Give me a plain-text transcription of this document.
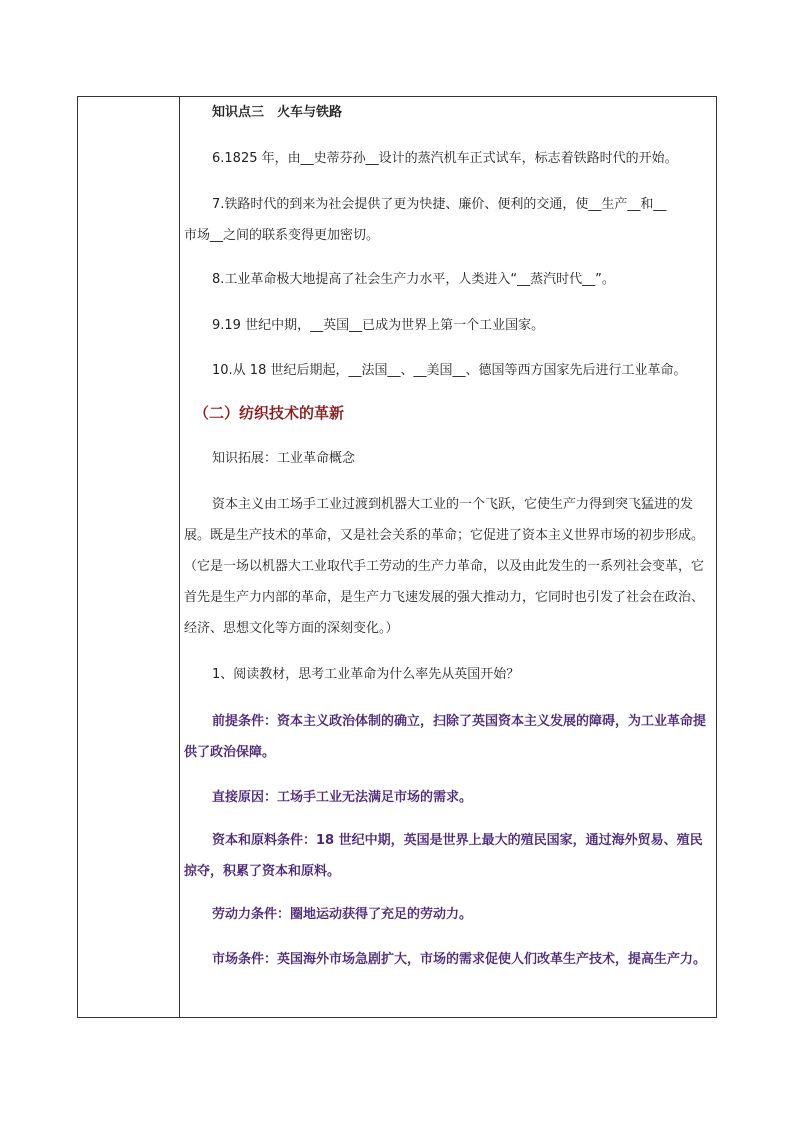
知识点三　火车与铁路
6.1825 年，由__史蒂芬孙__设计的蒸汽机车正式试车，标志着铁路时代的开始。
7.铁路时代的到来为社会提供了更为快捷、廉价、便利的交通，使__生产__和__
市场__之间的联系变得更加密切。
8.工业革命极大地提高了社会生产力水平，人类进入“__蒸汽时代__”。
9.19 世纪中期，__英国__已成为世界上第一个工业国家。
10.从 18 世纪后期起，__法国__、__美国__、德国等西方国家先后进行工业革命。
（二）纺织技术的革新
知识拓展：工业革命概念
资本主义由工场手工业过渡到机器大工业的一个飞跃，它使生产力得到突飞猛进的发展。既是生产技术的革命，又是社会关系的革命；它促进了资本主义世界市场的初步形成。（它是一场以机器大工业取代手工劳动的生产力革命，以及由此发生的一系列社会变革，它首先是生产力内部的革命，是生产力飞速发展的强大推动力，它同时也引发了社会在政治、经济、思想文化等方面的深刻变化。）
1、阅读教材，思考工业革命为什么率先从英国开始？
前提条件：资本主义政治体制的确立，扫除了英国资本主义发展的障碍，为工业革命提供了政治保障。
直接原因：工场手工业无法满足市场的需求。
资本和原料条件：18 世纪中期，英国是世界上最大的殖民国家，通过海外贸易、殖民掠夺，积累了资本和原料。
劳动力条件：圈地运动获得了充足的劳动力。
市场条件：英国海外市场急剧扩大，市场的需求促使人们改革生产技术，提高生产力。
